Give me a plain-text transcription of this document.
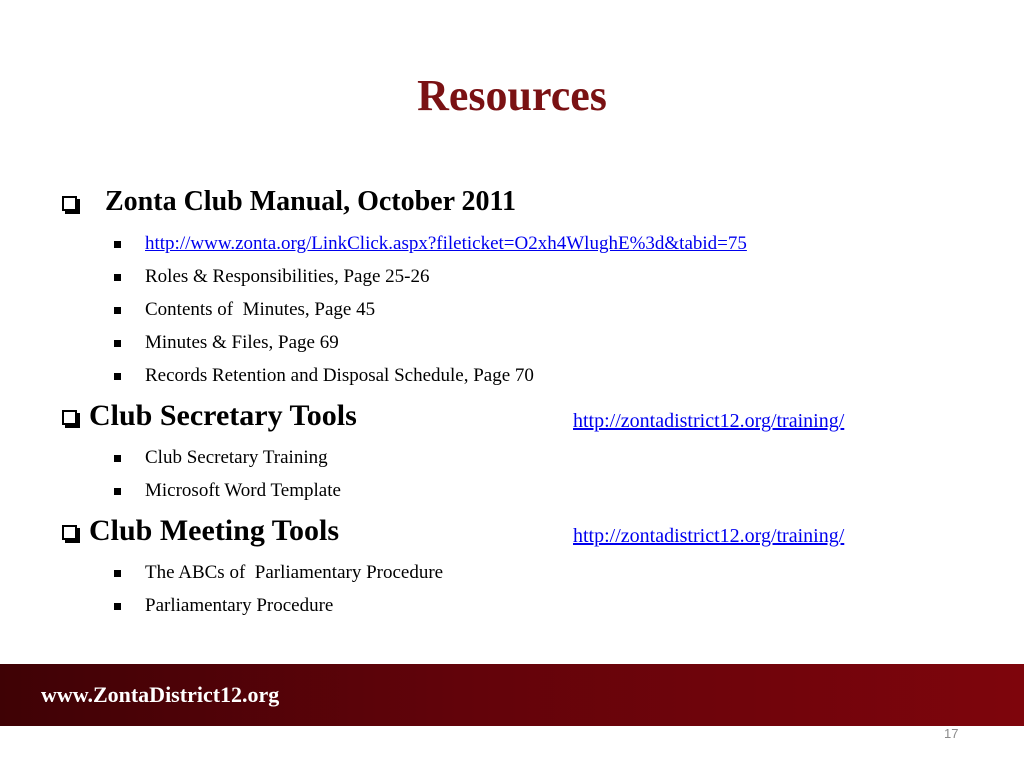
Resources
Zonta Club Manual, October 2011
http://www.zonta.org/LinkClick.aspx?fileticket=O2xh4WlughE%3d&tabid=75
Roles & Responsibilities, Page 25-26
Contents of  Minutes, Page 45
Minutes & Files, Page 69
Records Retention and Disposal Schedule, Page 70
Club Secretary Tools	http://zontadistrict12.org/training/
Club Secretary Training
Microsoft Word Template
Club Meeting Tools	http://zontadistrict12.org/training/
The ABCs of  Parliamentary Procedure
Parliamentary Procedure
www.ZontaDistrict12.org
17
